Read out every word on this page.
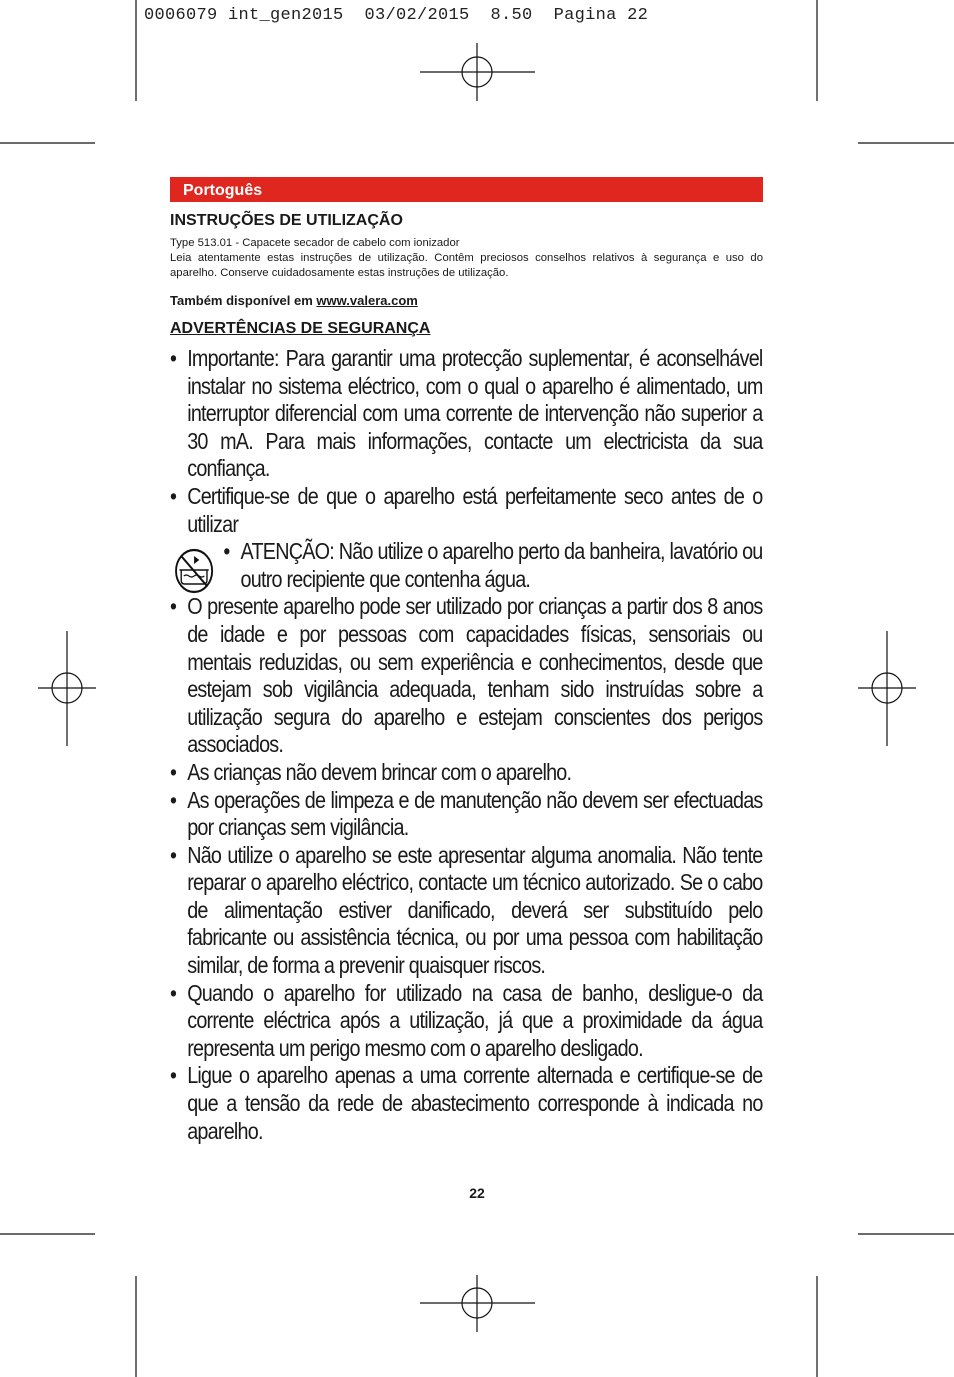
0006079 int_gen2015  03/02/2015  8.50  Pagina 22
Portoguês
INSTRUÇÕES DE UTILIZAÇÃO
Type 513.01 - Capacete secador de cabelo com ionizador
Leia atentamente estas instruções de utilização. Contêm preciosos conselhos relativos à segurança e uso do aparelho. Conserve cuidadosamente estas instruções de utilização.
Também disponível em www.valera.com
ADVERTÊNCIAS DE SEGURANÇA
• Importante: Para garantir uma protecção suplementar, é aconselhável instalar no sistema eléctrico, com o qual o aparelho é alimentado, um interruptor diferencial com uma corrente de intervenção não superior a 30 mA. Para mais informações, contacte um electricista da sua confiança.
• Certifique-se de que o aparelho está perfeitamente seco antes de o utilizar
• ATENÇÃO: Não utilize o aparelho perto da banheira, lavatório ou outro recipiente que contenha água.
• O presente aparelho pode ser utilizado por crianças a partir dos 8 anos de idade e por pessoas com capacidades físicas, sensoriais ou mentais reduzidas, ou sem experiência e conhecimentos, desde que estejam sob vigilância adequada, tenham sido instruídas sobre a utilização segura do aparelho e estejam conscientes dos perigos associados.
• As crianças não devem brincar com o aparelho.
• As operações de limpeza e de manutenção não devem ser efectuadas por crianças sem vigilância.
• Não utilize o aparelho se este apresentar alguma anomalia. Não tente reparar o aparelho eléctrico, contacte um técnico autorizado. Se o cabo de alimentação estiver danificado, deverá ser substituído pelo fabricante ou assistência técnica, ou por uma pessoa com habilitação similar, de forma a prevenir quaisquer riscos.
• Quando o aparelho for utilizado na casa de banho, desligue-o da corrente eléctrica após a utilização, já que a proximidade da água representa um perigo mesmo com o aparelho desligado.
• Ligue o aparelho apenas a uma corrente alternada e certifique-se de que a tensão da rede de abastecimento corresponde à indicada no aparelho.
22
